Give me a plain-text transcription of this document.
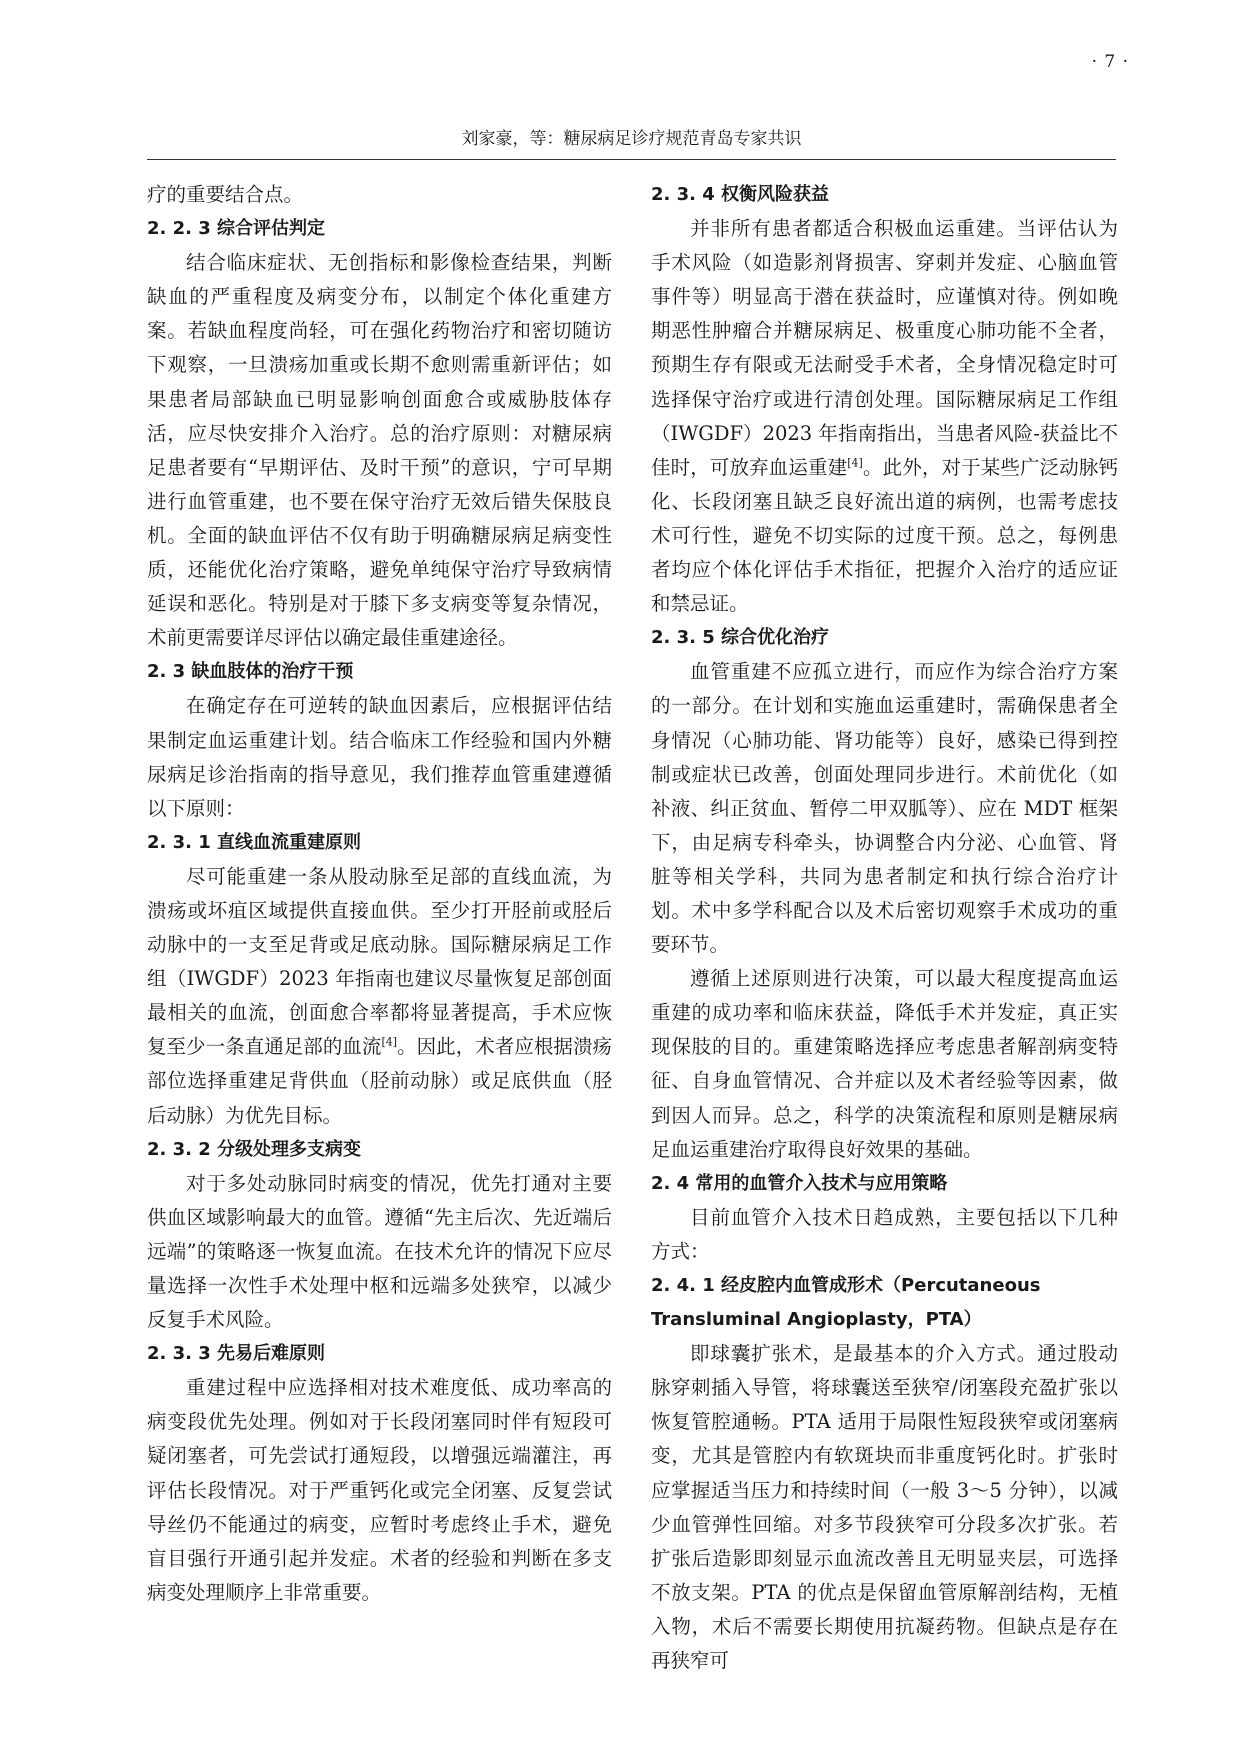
· 7 ·
刘家豪，等：糖尿病足诊疗规范青岛专家共识

疗的重要结合点。

2. 2. 3 综合评估判定

结合临床症状、无创指标和影像检查结果，判断缺血的严重程度及病变分布，以制定个体化重建方案。若缺血程度尚轻，可在强化药物治疗和密切随访下观察，一旦溃疡加重或长期不愈则需重新评估；如果患者局部缺血已明显影响创面愈合或威胁肢体存活，应尽快安排介入治疗。总的治疗原则：对糖尿病足患者要有“早期评估、及时干预”的意识，宁可早期进行血管重建，也不要在保守治疗无效后错失保肢良机。全面的缺血评估不仅有助于明确糖尿病足病变性质，还能优化治疗策略，避免单纯保守治疗导致病情延误和恶化。特别是对于膝下多支病变等复杂情况，术前更需要详尽评估以确定最佳重建途径。

2. 3 缺血肢体的治疗干预

在确定存在可逆转的缺血因素后，应根据评估结果制定血运重建计划。结合临床工作经验和国内外糖尿病足诊治指南的指导意见，我们推荐血管重建遵循以下原则：

2. 3. 1 直线血流重建原则

尽可能重建一条从股动脉至足部的直线血流，为溃疡或坏疽区域提供直接血供。至少打开胫前或胫后动脉中的一支至足背或足底动脉。国际糖尿病足工作组（IWGDF）2023 年指南也建议尽量恢复足部创面最相关的血流，创面愈合率都将显著提高，手术应恢复至少一条直通足部的血流[4]。因此，术者应根据溃疡部位选择重建足背供血（胫前动脉）或足底供血（胫后动脉）为优先目标。

2. 3. 2 分级处理多支病变

对于多处动脉同时病变的情况，优先打通对主要供血区域影响最大的血管。遵循“先主后次、先近端后远端”的策略逐一恢复血流。在技术允许的情况下应尽量选择一次性手术处理中枢和远端多处狭窄，以减少反复手术风险。

2. 3. 3 先易后难原则

重建过程中应选择相对技术难度低、成功率高的病变段优先处理。例如对于长段闭塞同时伴有短段可疑闭塞者，可先尝试打通短段，以增强远端灌注，再评估长段情况。对于严重钙化或完全闭塞、反复尝试导丝仍不能通过的病变，应暂时考虑终止手术，避免盲目强行开通引起并发症。术者的经验和判断在多支病变处理顺序上非常重要。

2. 3. 4 权衡风险获益

并非所有患者都适合积极血运重建。当评估认为手术风险（如造影剂肾损害、穿刺并发症、心脑血管事件等）明显高于潜在获益时，应谨慎对待。例如晚期恶性肿瘤合并糖尿病足、极重度心肺功能不全者，预期生存有限或无法耐受手术者，全身情况稳定时可选择保守治疗或进行清创处理。国际糖尿病足工作组（IWGDF）2023 年指南指出，当患者风险-获益比不佳时，可放弃血运重建[4]。此外，对于某些广泛动脉钙化、长段闭塞且缺乏良好流出道的病例，也需考虑技术可行性，避免不切实际的过度干预。总之，每例患者均应个体化评估手术指征，把握介入治疗的适应证和禁忌证。

2. 3. 5 综合优化治疗

血管重建不应孤立进行，而应作为综合治疗方案的一部分。在计划和实施血运重建时，需确保患者全身情况（心肺功能、肾功能等）良好，感染已得到控制或症状已改善，创面处理同步进行。术前优化（如补液、纠正贫血、暂停二甲双胍等）、应在 MDT 框架下，由足病专科牵头，协调整合内分泌、心血管、肾脏等相关学科，共同为患者制定和执行综合治疗计划。术中多学科配合以及术后密切观察手术成功的重要环节。

遵循上述原则进行决策，可以最大程度提高血运重建的成功率和临床获益，降低手术并发症，真正实现保肢的目的。重建策略选择应考虑患者解剖病变特征、自身血管情况、合并症以及术者经验等因素，做到因人而异。总之，科学的决策流程和原则是糖尿病足血运重建治疗取得良好效果的基础。

2. 4 常用的血管介入技术与应用策略

目前血管介入技术日趋成熟，主要包括以下几种方式：

2. 4. 1 经皮腔内血管成形术（Percutaneous Transluminal Angioplasty，PTA）

即球囊扩张术，是最基本的介入方式。通过股动脉穿刺插入导管，将球囊送至狭窄/闭塞段充盈扩张以恢复管腔通畅。PTA 适用于局限性短段狭窄或闭塞病变，尤其是管腔内有软斑块而非重度钙化时。扩张时应掌握适当压力和持续时间（一般 3～5 分钟），以减少血管弹性回缩。对多节段狭窄可分段多次扩张。若扩张后造影即刻显示血流改善且无明显夹层，可选择不放支架。PTA 的优点是保留血管原解剖结构，无植入物，术后不需要长期使用抗凝药物。但缺点是存在再狭窄可
